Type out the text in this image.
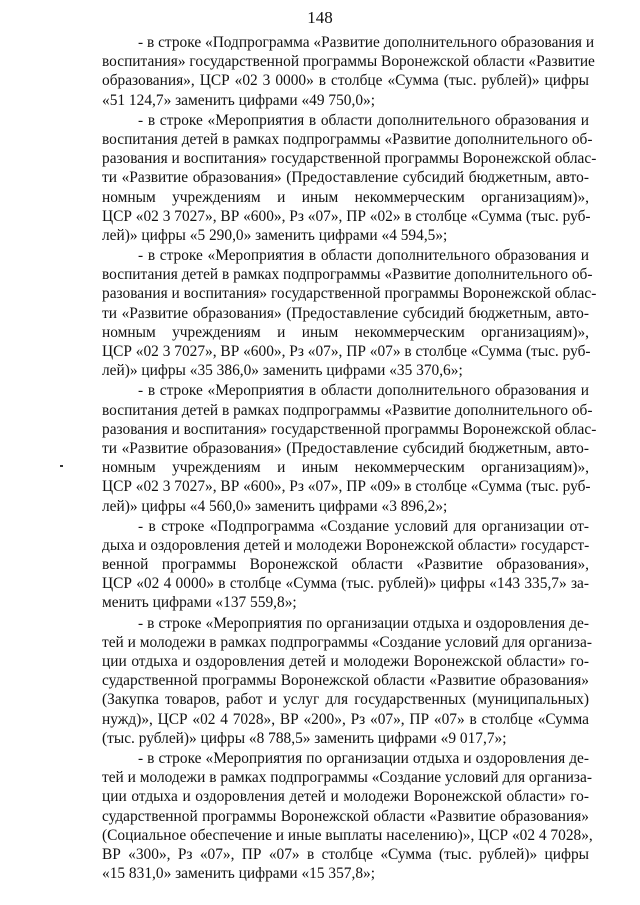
148
- в строке «Подпрограмма «Развитие дополнительного образования и
воспитания» государственной программы Воронежской области «Развитие
образования», ЦСР «02 3 0000» в столбце «Сумма (тыс. рублей)» цифры
«51 124,7» заменить цифрами «49 750,0»;
- в строке «Мероприятия в области дополнительного образования и
воспитания детей в рамках подпрограммы «Развитие дополнительного об-
разования и воспитания» государственной программы Воронежской облас-
ти «Развитие образования» (Предоставление субсидий бюджетным, авто-
номным учреждениям и иным некоммерческим организациям)»,
ЦСР «02 3 7027», ВР «600», Рз «07», ПР «02» в столбце «Сумма (тыс. руб-
лей)» цифры «5 290,0» заменить цифрами «4 594,5»;
- в строке «Мероприятия в области дополнительного образования и
воспитания детей в рамках подпрограммы «Развитие дополнительного об-
разования и воспитания» государственной программы Воронежской облас-
ти «Развитие образования» (Предоставление субсидий бюджетным, авто-
номным учреждениям и иным некоммерческим организациям)»,
ЦСР «02 3 7027», ВР «600», Рз «07», ПР «07» в столбце «Сумма (тыс. руб-
лей)» цифры «35 386,0» заменить цифрами «35 370,6»;
- в строке «Мероприятия в области дополнительного образования и
воспитания детей в рамках подпрограммы «Развитие дополнительного об-
разования и воспитания» государственной программы Воронежской облас-
ти «Развитие образования» (Предоставление субсидий бюджетным, авто-
номным учреждениям и иным некоммерческим организациям)»,
ЦСР «02 3 7027», ВР «600», Рз «07», ПР «09» в столбце «Сумма (тыс. руб-
лей)» цифры «4 560,0» заменить цифрами «3 896,2»;
- в строке «Подпрограмма «Создание условий для организации от-
дыха и оздоровления детей и молодежи Воронежской области» государст-
венной программы Воронежской области «Развитие образования»,
ЦСР «02 4 0000» в столбце «Сумма (тыс. рублей)» цифры «143 335,7» за-
менить цифрами «137 559,8»;
- в строке «Мероприятия по организации отдыха и оздоровления де-
тей и молодежи в рамках подпрограммы «Создание условий для организа-
ции отдыха и оздоровления детей и молодежи Воронежской области» го-
сударственной программы Воронежской области «Развитие образования»
(Закупка товаров, работ и услуг для государственных (муниципальных)
нужд)», ЦСР «02 4 7028», ВР «200», Рз «07», ПР «07» в столбце «Сумма
(тыс. рублей)» цифры «8 788,5» заменить цифрами «9 017,7»;
- в строке «Мероприятия по организации отдыха и оздоровления де-
тей и молодежи в рамках подпрограммы «Создание условий для организа-
ции отдыха и оздоровления детей и молодежи Воронежской области» го-
сударственной программы Воронежской области «Развитие образования»
(Социальное обеспечение и иные выплаты населению)», ЦСР «02 4 7028»,
ВР «300», Рз «07», ПР «07» в столбце «Сумма (тыс. рублей)» цифры
«15 831,0» заменить цифрами «15 357,8»;
